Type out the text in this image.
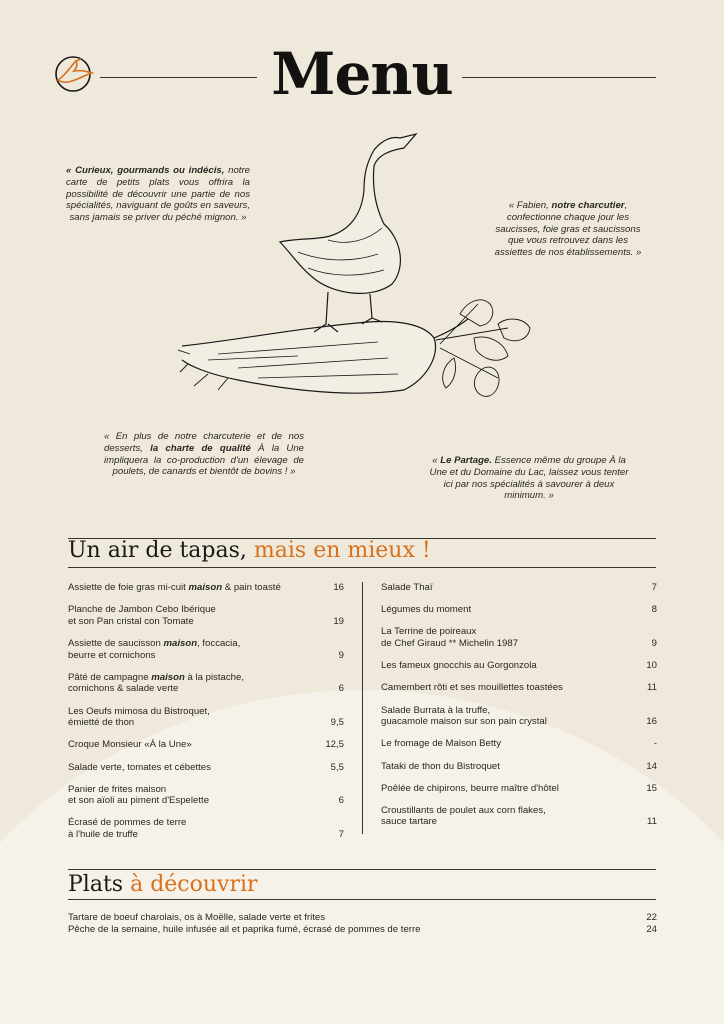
Menu
« Curieux, gourmands ou indécis, notre carte de petits plats vous offrira la possibilité de découvrir une partie de nos spécialités, naviguant de goûts en saveurs, sans jamais se priver du péché mignon. »
« Fabien, notre charcutier, confectionne chaque jour les saucisses, foie gras et saucissons que vous retrouvez dans les assiettes de nos établissements. »
« En plus de notre charcuterie et de nos desserts, la charte de qualité À la Une impliquera la co-production d'un élevage de poulets, de canards et bientôt de bovins ! »
« Le Partage. Essence même du groupe À la Une et du Domaine du Lac, laissez vous tenter ici par nos spécialités à savourer à deux minimum. »
Un air de tapas, mais en mieux !
Assiette de foie gras mi-cuit maison & pain toasté	16
Planche de Jambon Cebo Ibérique
et son Pan cristal con Tomate	19
Assiette de saucisson maison, foccacia,
beurre et cornichons	9
Pâté de campagne maison à la pistache,
cornichons & salade verte	6
Les Oeufs mimosa du Bistroquet,
émietté de thon	9,5
Croque Monsieur «À la Une»	12,5
Salade verte, tomates et cébettes	5,5
Panier de frites maison
et son aïoli au piment d'Espelette	6
Écrasé de pommes de terre
à l'huile de truffe	7
Salade Thaï	7
Légumes du moment	8
La Terrine de poireaux
de Chef Giraud ** Michelin 1987	9
Les fameux gnocchis au Gorgonzola	10
Camembert rôti et ses mouillettes toastées	11
Salade Burrata à la truffe,
guacamole maison sur son pain crystal	16
Le fromage de Maison Betty	-
Tataki de thon du Bistroquet	14
Poêlée de chipirons, beurre maître d'hôtel	15
Croustillants de poulet aux corn flakes,
sauce tartare	11
Plats à découvrir
Tartare de boeuf charolais, os à Moëlle, salade verte et frites	22
Pêche de la semaine, huile infusée ail et paprika fumé, écrasé de pommes de terre	24
